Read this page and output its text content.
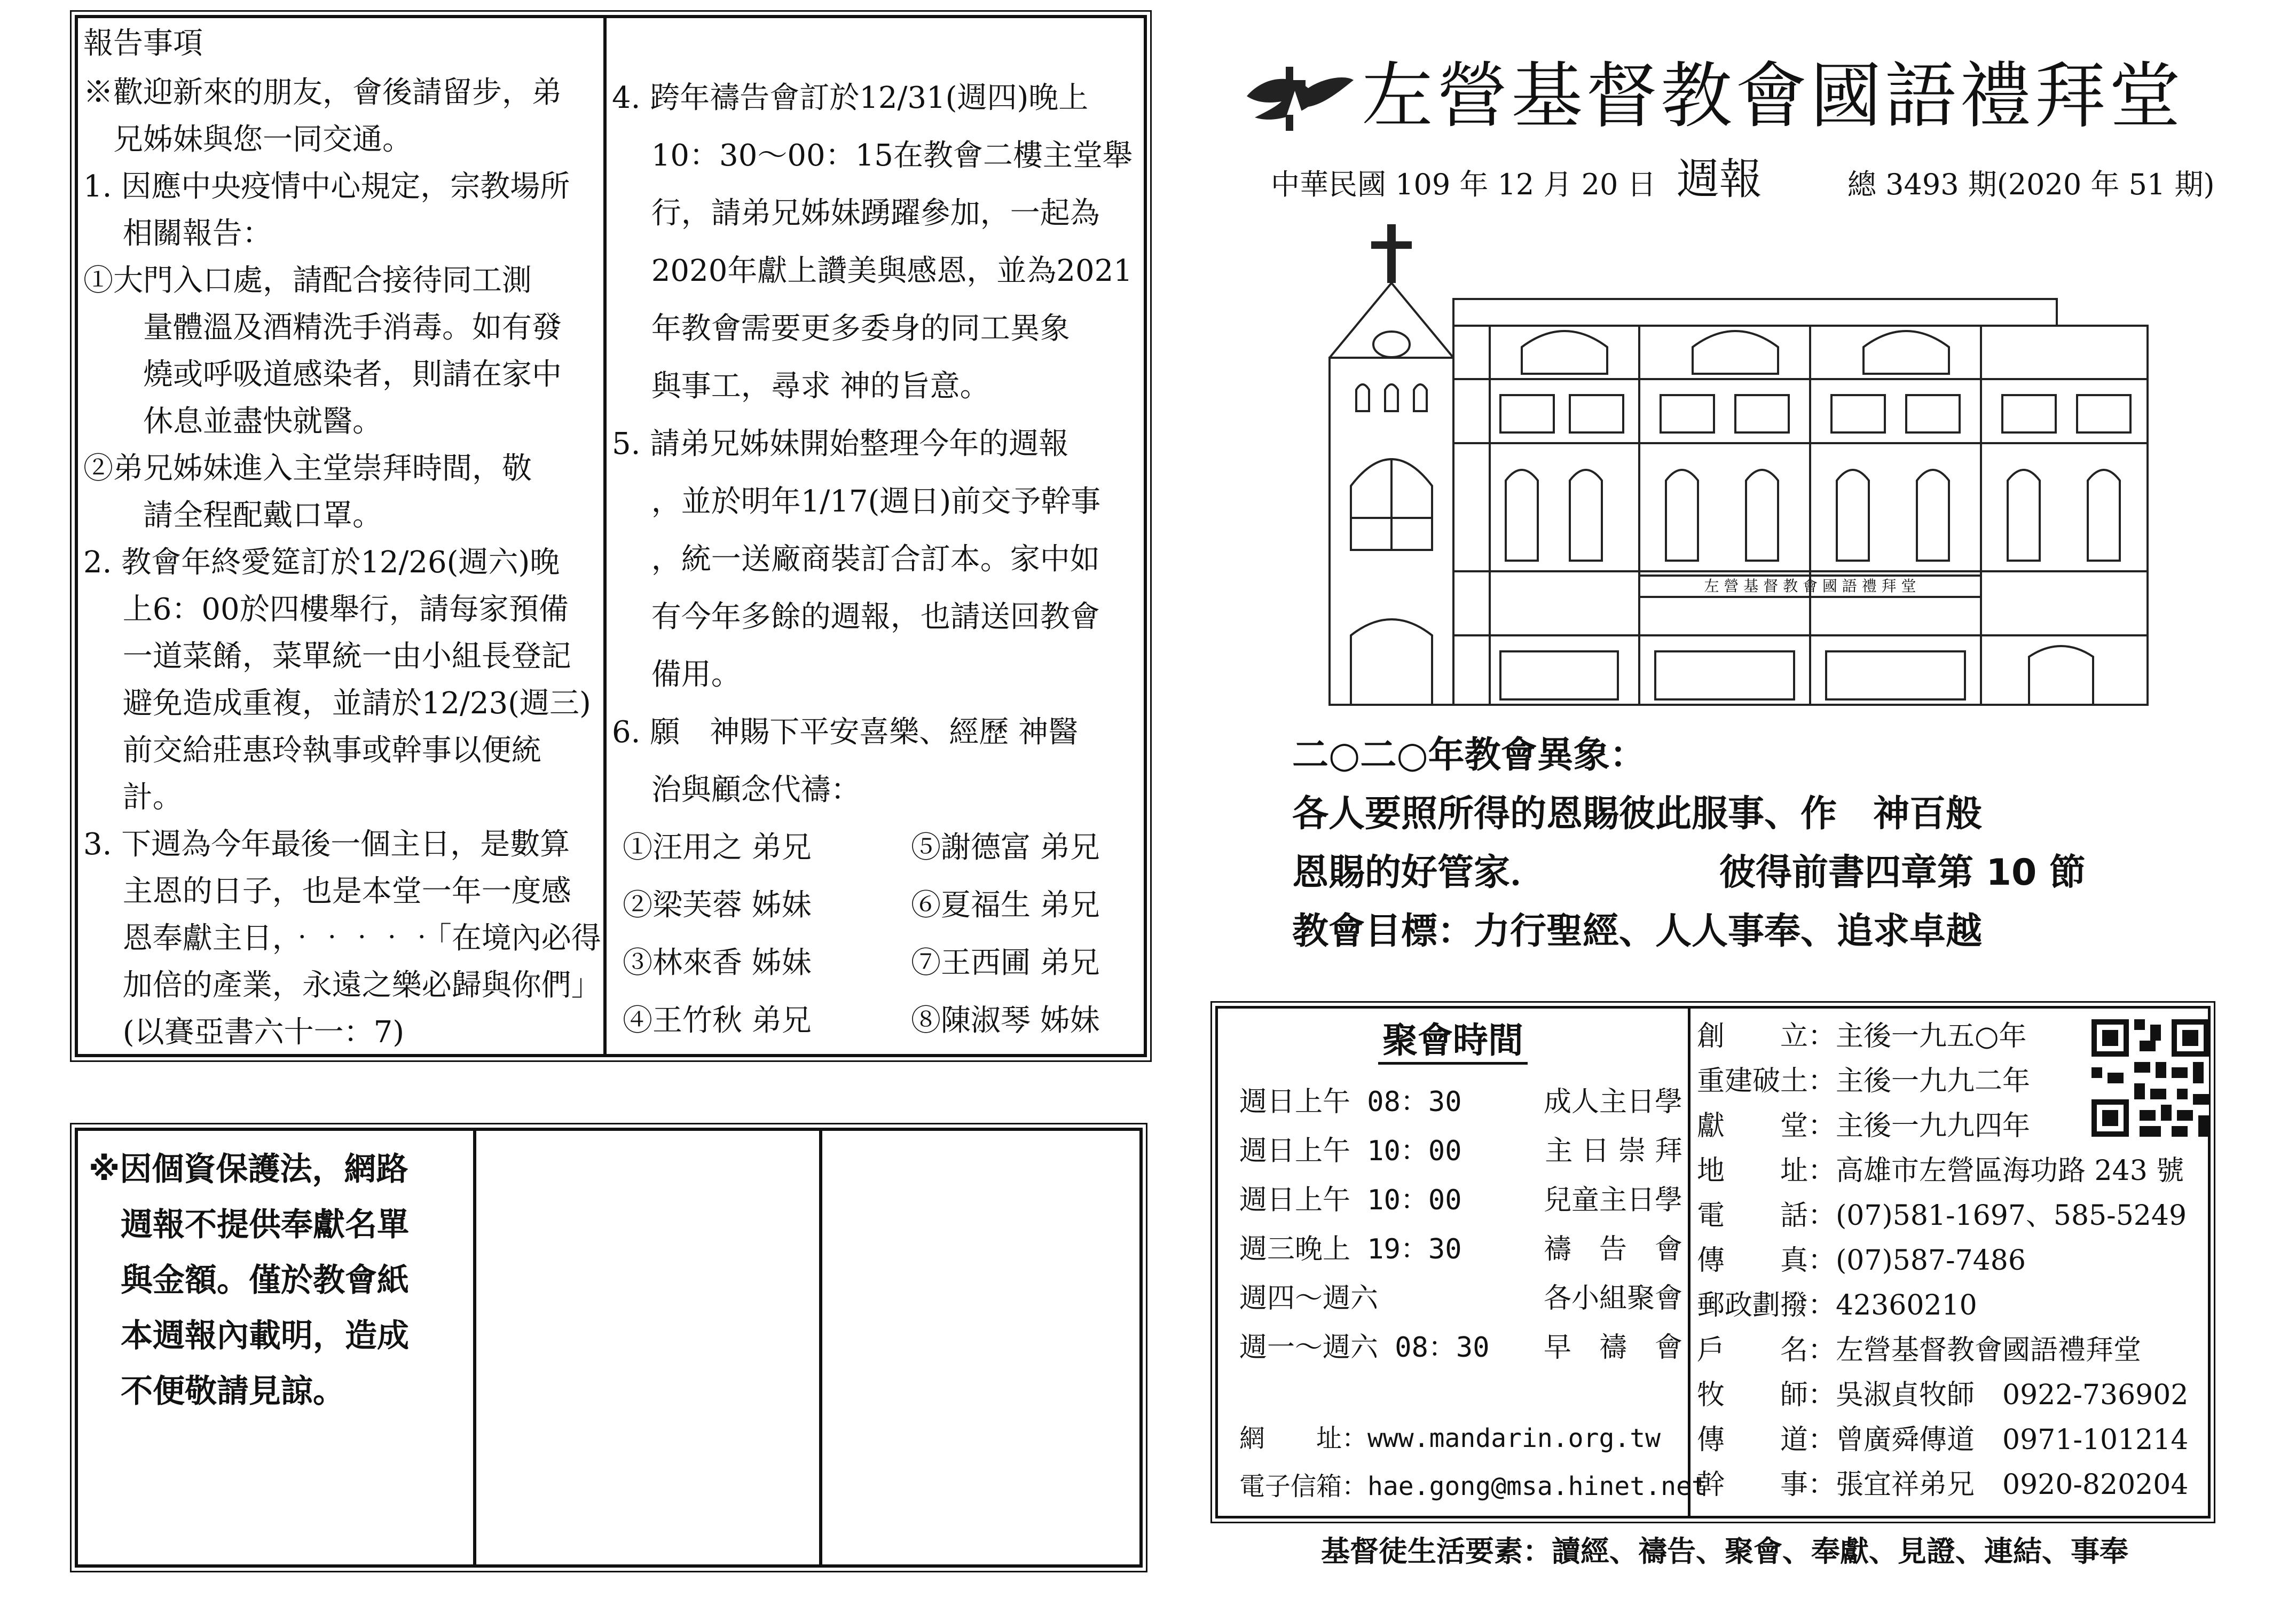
報告事項
※歡迎新來的朋友，會後請留步，弟
　兄姊妹與您一同交通。
1. 因應中央疫情中心規定，宗教場所
　 相關報告：
①大門入口處，請配合接待同工測
　　量體溫及酒精洗手消毒。如有發
　　燒或呼吸道感染者，則請在家中
　　休息並盡快就醫。
②弟兄姊妹進入主堂崇拜時間，敬
　　請全程配戴口罩。
2. 教會年終愛筵訂於12/26(週六)晚
　 上6：00於四樓舉行，請每家預備
　 一道菜餚，菜單統一由小組長登記
　 避免造成重複，並請於12/23(週三)
　 前交給莊惠玲執事或幹事以便統
　 計。
3. 下週為今年最後一個主日，是數算
　 主恩的日子，也是本堂一年一度感
　 恩奉獻主日，‧‧‧‧‧「在境內必得
　 加倍的產業，永遠之樂必歸與你們」
　 (以賽亞書六十一：7)
4. 跨年禱告會訂於12/31(週四)晚上
　 10：30～00：15在教會二樓主堂舉
　 行，請弟兄姊妹踴躍參加，一起為
　 2020年獻上讚美與感恩，並為2021
　 年教會需要更多委身的同工異象
　 與事工，尋求 神的旨意。
5. 請弟兄姊妹開始整理今年的週報
　 ，並於明年1/17(週日)前交予幹事
　 ，統一送廠商裝訂合訂本。家中如
　 有今年多餘的週報，也請送回教會
　 備用。
6. 願　神賜下平安喜樂、經歷 神醫
　 治與顧念代禱：
①汪用之 弟兄	⑤謝德富 弟兄
②梁芙蓉 姊妹	⑥夏福生 弟兄
③林來香 姊妹	⑦王西圃 弟兄
④王竹秋 弟兄	⑧陳淑琴 姊妹
※因個資保護法，網路
　週報不提供奉獻名單
　與金額。僅於教會紙
　本週報內載明，造成
　不便敬請見諒。
左營基督教會國語禮拜堂
中華民國 109 年 12 月 20 日 週報	總 3493 期(2020 年 51 期)
左 營 基 督 教 會 國 語 禮 拜 堂
二○二○年教會異象：
各人要照所得的恩賜彼此服事、作　神百般
恩賜的好管家．	彼得前書四章第 10 節
教會目標：力行聖經、人人事奉、追求卓越
聚會時間
週日上午 08：30	成人主日學
週日上午 10：00	主 日 崇 拜
週日上午 10：00	兒童主日學
週三晚上 19：30	禱　告　會
週四～週六	各小組聚會
週一～週六 08：30 早　禱　會
網　　址：www.mandarin.org.tw
電子信箱：hae.gong@msa.hinet.net
創　　立：主後一九五○年
重建破土：主後一九九二年
獻　　堂：主後一九九四年
地　　址：高雄市左營區海功路 243 號
電　　話：(07)581-1697、585-5249
傳　　真：(07)587-7486
郵政劃撥：42360210
戶　　名：左營基督教會國語禮拜堂
牧　　師：吳淑貞牧師　0922-736902
傳　　道：曾廣舜傳道　0971-101214
幹　　事：張宜祥弟兄　0920-820204
基督徒生活要素：讀經、禱告、聚會、奉獻、見證、連結、事奉
